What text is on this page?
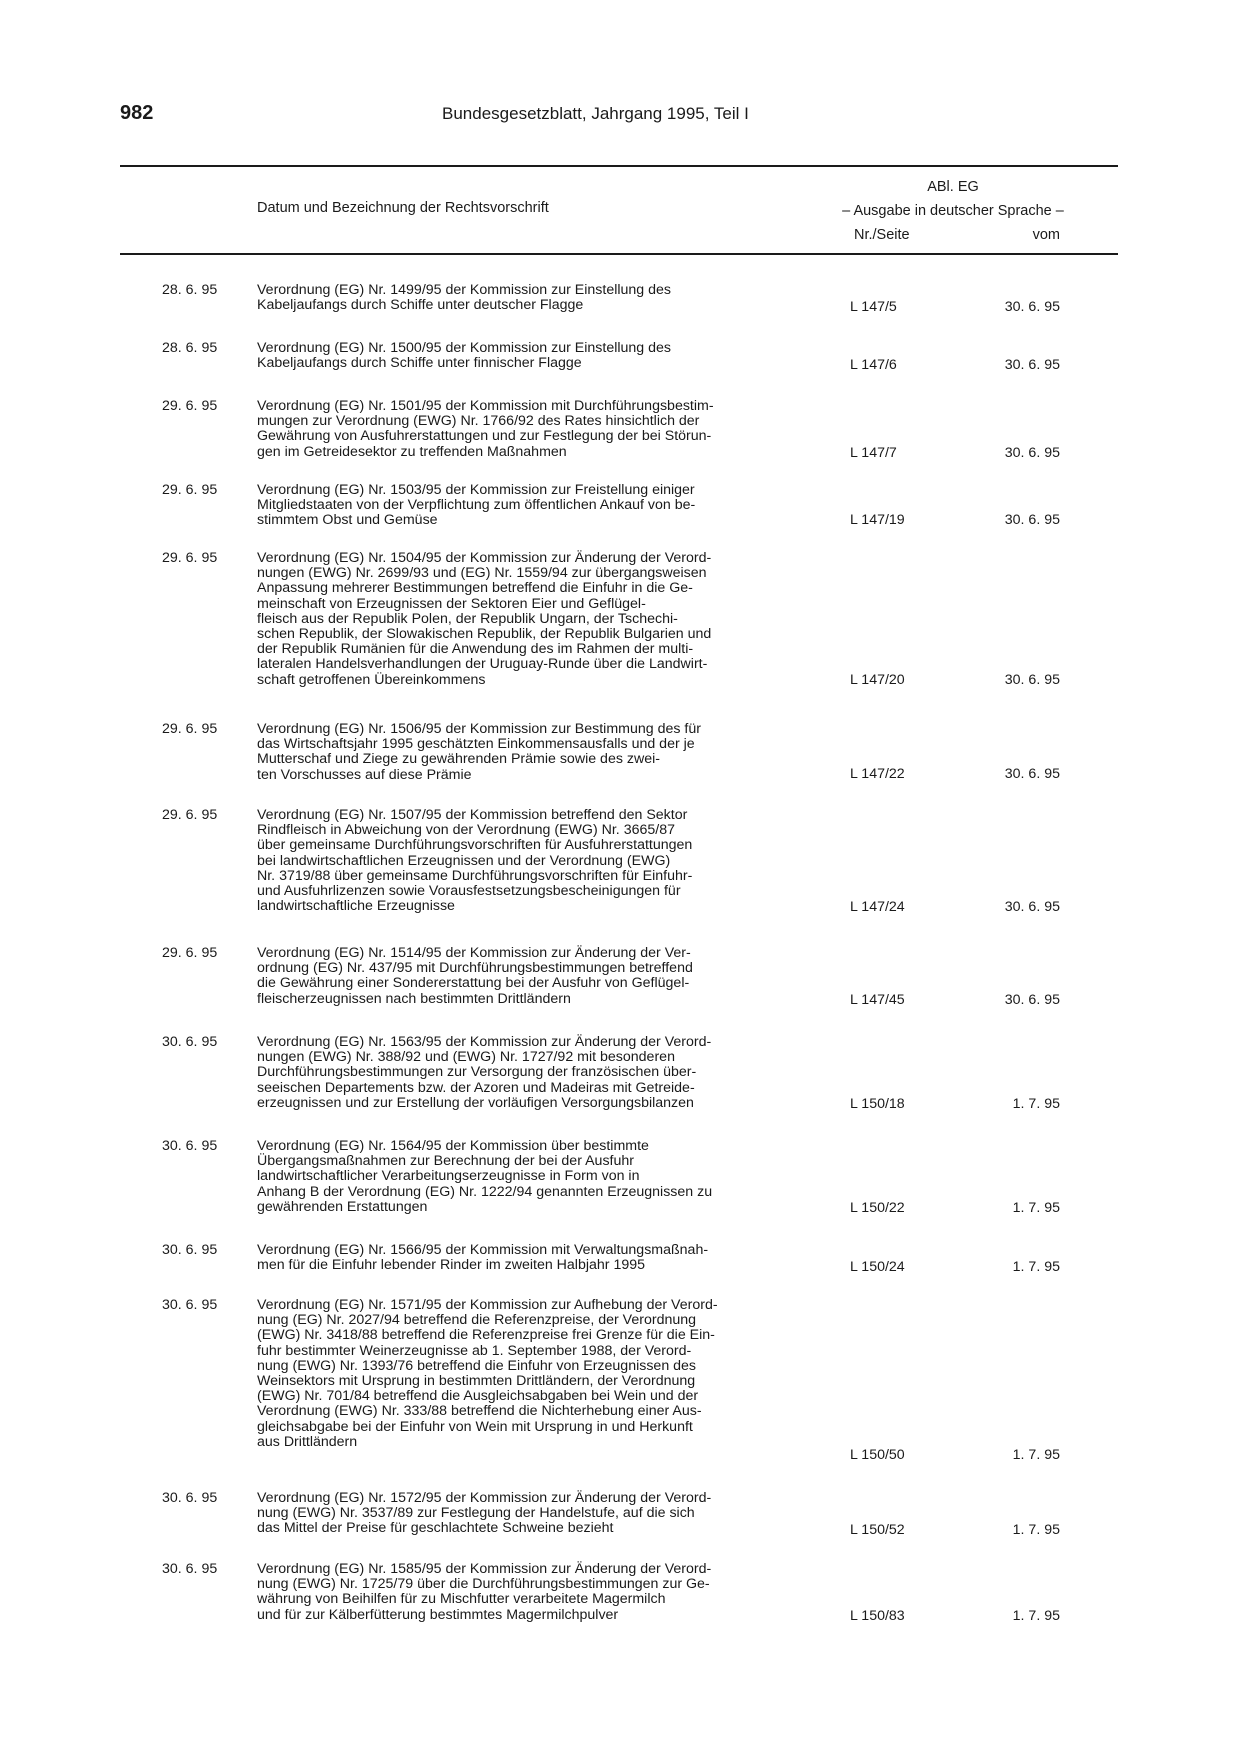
982	Bundesgesetzblatt, Jahrgang 1995, Teil I
Datum und Bezeichnung der Rechtsvorschrift
ABl. EG
– Ausgabe in deutscher Sprache –
Nr./Seite	vom
28. 6. 95	Verordnung (EG) Nr. 1499/95 der Kommission zur Einstellung des

Kabeljaufangs durch Schiffe unter deutscher Flagge	L 147/5	30. 6. 95
28. 6. 95	Verordnung (EG) Nr. 1500/95 der Kommission zur Einstellung des

Kabeljaufangs durch Schiffe unter finnischer Flagge	L 147/6	30. 6. 95
29. 6. 95	Verordnung (EG) Nr. 1501/95 der Kommission mit Durchführungsbestim-

mungen zur Verordnung (EWG) Nr. 1766/92 des Rates hinsichtlich der

Gewährung von Ausfuhrerstattungen und zur Festlegung der bei Störun-

gen im Getreidesektor zu treffenden Maßnahmen	L 147/7	30. 6. 95
29. 6. 95	Verordnung (EG) Nr. 1503/95 der Kommission zur Freistellung einiger

Mitgliedstaaten von der Verpflichtung zum öffentlichen Ankauf von be-

stimmtem Obst und Gemüse	L 147/19	30. 6. 95
29. 6. 95	Verordnung (EG) Nr. 1504/95 der Kommission zur Änderung der Verord-

nungen (EWG) Nr. 2699/93 und (EG) Nr. 1559/94 zur übergangsweisen

Anpassung mehrerer Bestimmungen betreffend die Einfuhr in die Ge-

meinschaft von Erzeugnissen der Sektoren Eier und Geflügel-

fleisch aus der Republik Polen, der Republik Ungarn, der Tschechi-

schen Republik, der Slowakischen Republik, der Republik Bulgarien und

der Republik Rumänien für die Anwendung des im Rahmen der multi-

lateralen Handelsverhandlungen der Uruguay-Runde über die Landwirt-

schaft getroffenen Übereinkommens	L 147/20	30. 6. 95
29. 6. 95	Verordnung (EG) Nr. 1506/95 der Kommission zur Bestimmung des für

das Wirtschaftsjahr 1995 geschätzten Einkommensausfalls und der je

Mutterschaf und Ziege zu gewährenden Prämie sowie des zwei-

ten Vorschusses auf diese Prämie	L 147/22	30. 6. 95
29. 6. 95	Verordnung (EG) Nr. 1507/95 der Kommission betreffend den Sektor

Rindfleisch in Abweichung von der Verordnung (EWG) Nr. 3665/87

über gemeinsame Durchführungsvorschriften für Ausfuhrerstattungen

bei landwirtschaftlichen Erzeugnissen und der Verordnung (EWG)

Nr. 3719/88 über gemeinsame Durchführungsvorschriften für Einfuhr-

und Ausfuhrlizenzen sowie Vorausfestsetzungsbescheinigungen für

landwirtschaftliche Erzeugnisse	L 147/24	30. 6. 95
29. 6. 95	Verordnung (EG) Nr. 1514/95 der Kommission zur Änderung der Ver-

ordnung (EG) Nr. 437/95 mit Durchführungsbestimmungen betreffend

die Gewährung einer Sondererstattung bei der Ausfuhr von Geflügel-

fleischerzeugnissen nach bestimmten Drittländern	L 147/45	30. 6. 95
30. 6. 95	Verordnung (EG) Nr. 1563/95 der Kommission zur Änderung der Verord-

nungen (EWG) Nr. 388/92 und (EWG) Nr. 1727/92 mit besonderen

Durchführungsbestimmungen zur Versorgung der französischen über-

seeischen Departements bzw. der Azoren und Madeiras mit Getreide-

erzeugnissen und zur Erstellung der vorläufigen Versorgungsbilanzen	L 150/18	1. 7. 95
30. 6. 95	Verordnung (EG) Nr. 1564/95 der Kommission über bestimmte

Übergangsmaßnahmen zur Berechnung der bei der Ausfuhr

landwirtschaftlicher Verarbeitungserzeugnisse in Form von in

Anhang B der Verordnung (EG) Nr. 1222/94 genannten Erzeugnissen zu

gewährenden Erstattungen	L 150/22	1. 7. 95
30. 6. 95	Verordnung (EG) Nr. 1566/95 der Kommission mit Verwaltungsmaßnah-

men für die Einfuhr lebender Rinder im zweiten Halbjahr 1995	L 150/24	1. 7. 95
30. 6. 95	Verordnung (EG) Nr. 1571/95 der Kommission zur Aufhebung der Verord-

nung (EG) Nr. 2027/94 betreffend die Referenzpreise, der Verordnung

(EWG) Nr. 3418/88 betreffend die Referenzpreise frei Grenze für die Ein-

fuhr bestimmter Weinerzeugnisse ab 1. September 1988, der Verord-

nung (EWG) Nr. 1393/76 betreffend die Einfuhr von Erzeugnissen des

Weinsektors mit Ursprung in bestimmten Drittländern, der Verordnung

(EWG) Nr. 701/84 betreffend die Ausgleichsabgaben bei Wein und der

Verordnung (EWG) Nr. 333/88 betreffend die Nichterhebung einer Aus-

gleichsabgabe bei der Einfuhr von Wein mit Ursprung in und Herkunft

aus Drittländern

L 150/50	1. 7. 95
30. 6. 95	Verordnung (EG) Nr. 1572/95 der Kommission zur Änderung der Verord-

nung (EWG) Nr. 3537/89 zur Festlegung der Handelstufe, auf die sich

das Mittel der Preise für geschlachtete Schweine bezieht	L 150/52	1. 7. 95
30. 6. 95	Verordnung (EG) Nr. 1585/95 der Kommission zur Änderung der Verord-

nung (EWG) Nr. 1725/79 über die Durchführungsbestimmungen zur Ge-

währung von Beihilfen für zu Mischfutter verarbeitete Magermilch

und für zur Kälberfütterung bestimmtes Magermilchpulver	L 150/83	1. 7. 95
